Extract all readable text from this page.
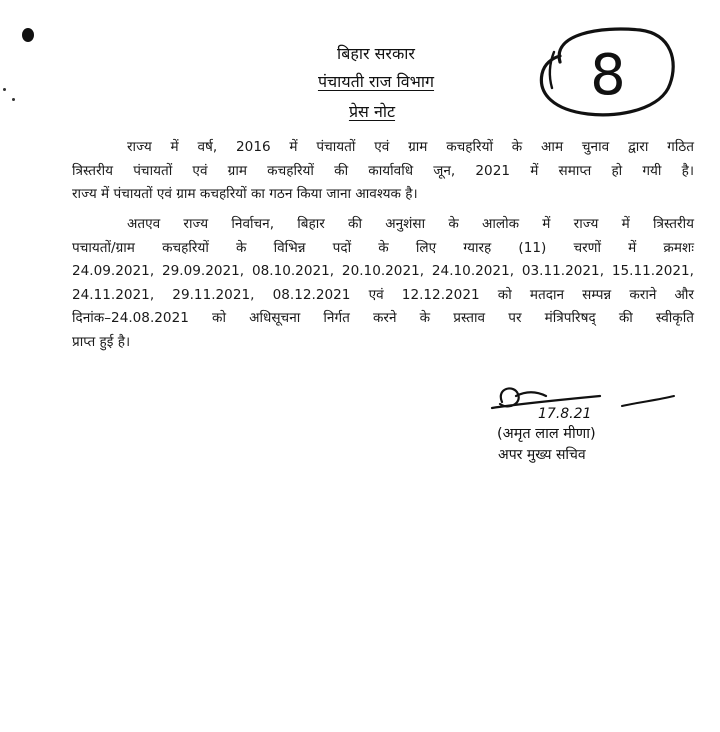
बिहार सरकार
पंचायती राज विभाग
प्रेस नोट
8
राज्य में वर्ष, 2016 में पंचायतों एवं ग्राम कचहरियों के आम चुनाव द्वारा गठित
त्रिस्तरीय पंचायतों एवं ग्राम कचहरियों की कार्यावधि जून, 2021 में समाप्त हो गयी है।
राज्य में पंचायतों एवं ग्राम कचहरियों का गठन किया जाना आवश्यक है।
अतएव राज्य निर्वाचन, बिहार की अनुशंसा के आलोक में राज्य में त्रिस्तरीय
पचायतों/ग्राम कचहरियों के विभिन्न पदों के लिए ग्यारह (11) चरणों में क्रमशः
24.09.2021, 29.09.2021, 08.10.2021, 20.10.2021, 24.10.2021, 03.11.2021, 15.11.2021,
24.11.2021, 29.11.2021, 08.12.2021 एवं 12.12.2021 को मतदान सम्पन्न कराने और
दिनांक–24.08.2021 को अधिसूचना निर्गत करने के प्रस्ताव पर मंत्रिपरिषद् की स्वीकृति
प्राप्त हुई है।
17.8.21
(अमृत लाल मीणा)
अपर मुख्य सचिव
